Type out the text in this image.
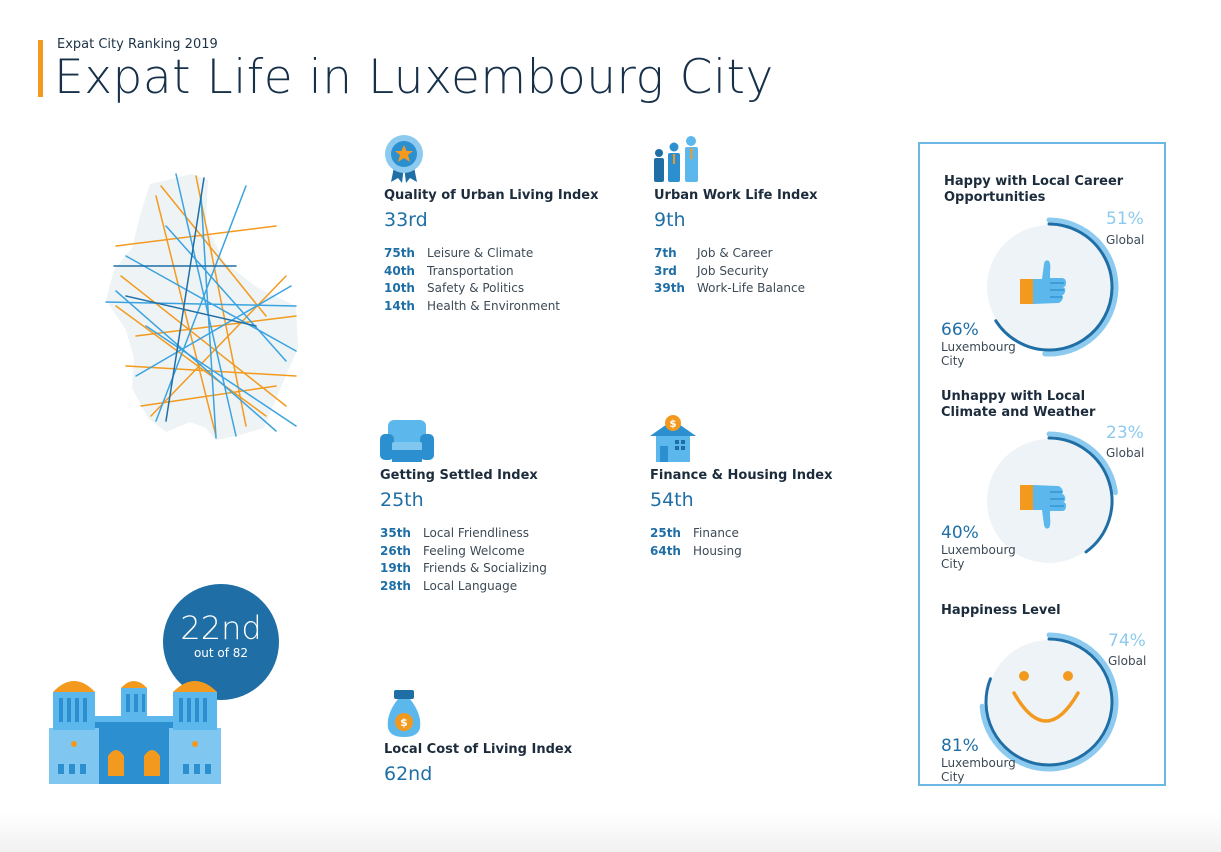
Expat City Ranking 2019
Expat Life in Luxembourg City
22nd
out of 82
Quality of Urban Living Index
33rd
75th	Leisure & Climate
40th	Transportation
10th	Safety & Politics
14th	Health & Environment
Urban Work Life Index
9th
7th	Job & Career
3rd	Job Security
39th	Work-Life Balance
Getting Settled Index
25th
35th	Local Friendliness
26th	Feeling Welcome
19th	Friends & Socializing
28th	Local Language
$
Finance & Housing Index
54th
25th	Finance
64th	Housing
$
Local Cost of Living Index
62nd
Happy with Local Career Opportunities
51%
Global
66%
Luxembourg City
Unhappy with Local Climate and Weather
23%
Global
40%
Luxembourg City
Happiness Level
74%
Global
81%
Luxembourg City
